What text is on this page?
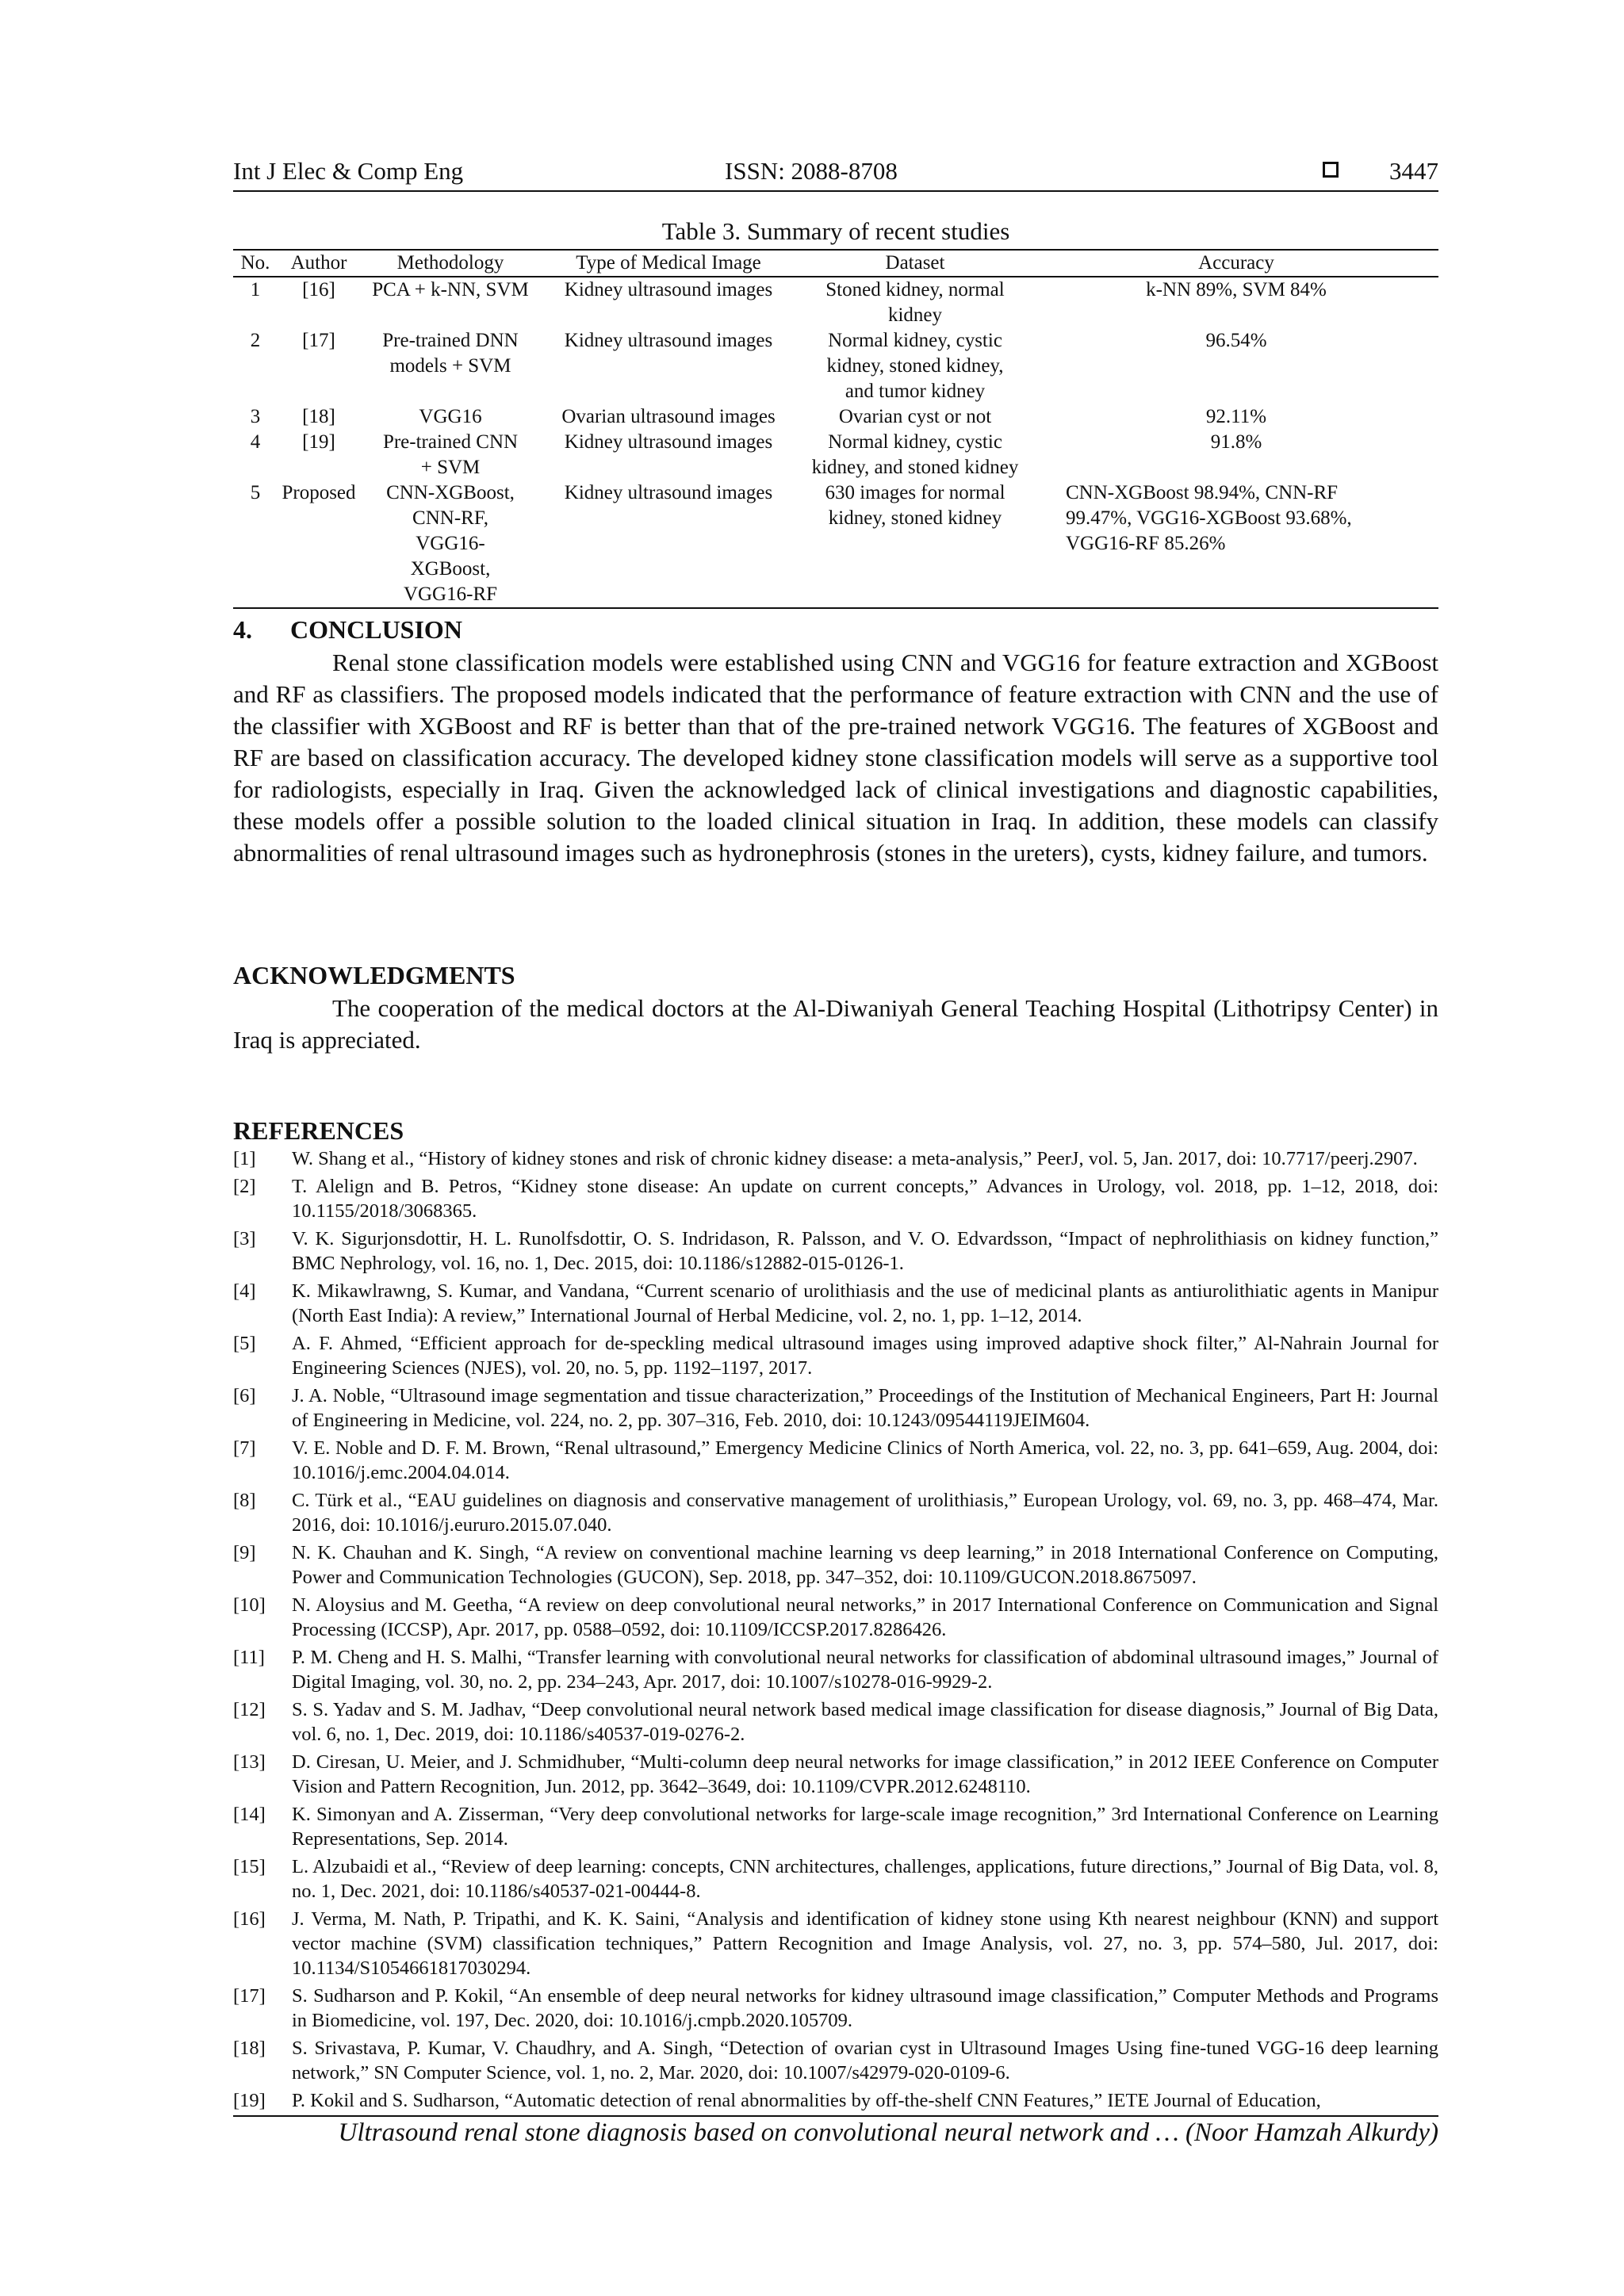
Int J Elec & Comp Eng	ISSN: 2088-8708	3447
Table 3. Summary of recent studies
No.	Author	Methodology	Type of Medical Image	Dataset	Accuracy
1	[16]	PCA + k-NN, SVM	Kidney ultrasound images	Stoned kidney, normal kidney	k-NN 89%, SVM 84%
2	[17]	Pre-trained DNN models + SVM	Kidney ultrasound images	Normal kidney, cystic kidney, stoned kidney, and tumor kidney	96.54%
3	[18]	VGG16	Ovarian ultrasound images	Ovarian cyst or not	92.11%
4	[19]	Pre-trained CNN + SVM	Kidney ultrasound images	Normal kidney, cystic kidney, and stoned kidney	91.8%
5	Proposed	CNN-XGBoost, CNN-RF, VGG16-XGBoost, VGG16-RF	Kidney ultrasound images	630 images for normal kidney, stoned kidney	CNN-XGBoost 98.94%, CNN-RF 99.47%, VGG16-XGBoost 93.68%, VGG16-RF 85.26%
4. CONCLUSION

Renal stone classification models were established using CNN and VGG16 for feature extraction and XGBoost and RF as classifiers. The proposed models indicated that the performance of feature extraction with CNN and the use of the classifier with XGBoost and RF is better than that of the pre-trained network VGG16. The features of XGBoost and RF are based on classification accuracy. The developed kidney stone classification models will serve as a supportive tool for radiologists, especially in Iraq. Given the acknowledged lack of clinical investigations and diagnostic capabilities, these models offer a possible solution to the loaded clinical situation in Iraq. In addition, these models can classify abnormalities of renal ultrasound images such as hydronephrosis (stones in the ureters), cysts, kidney failure, and tumors.

ACKNOWLEDGMENTS

The cooperation of the medical doctors at the Al-Diwaniyah General Teaching Hospital (Lithotripsy Center) in Iraq is appreciated.

REFERENCES
[1] W. Shang et al., “History of kidney stones and risk of chronic kidney disease: a meta-analysis,” PeerJ, vol. 5, Jan. 2017, doi: 10.7717/peerj.2907.
[2] T. Alelign and B. Petros, “Kidney stone disease: An update on current concepts,” Advances in Urology, vol. 2018, pp. 1–12, 2018, doi: 10.1155/2018/3068365.
[3] V. K. Sigurjonsdottir, H. L. Runolfsdottir, O. S. Indridason, R. Palsson, and V. O. Edvardsson, “Impact of nephrolithiasis on kidney function,” BMC Nephrology, vol. 16, no. 1, Dec. 2015, doi: 10.1186/s12882-015-0126-1.
[4] K. Mikawlrawng, S. Kumar, and Vandana, “Current scenario of urolithiasis and the use of medicinal plants as antiurolithiatic agents in Manipur (North East India): A review,” International Journal of Herbal Medicine, vol. 2, no. 1, pp. 1–12, 2014.
[5] A. F. Ahmed, “Efficient approach for de-speckling medical ultrasound images using improved adaptive shock filter,” Al-Nahrain Journal for Engineering Sciences (NJES), vol. 20, no. 5, pp. 1192–1197, 2017.
[6] J. A. Noble, “Ultrasound image segmentation and tissue characterization,” Proceedings of the Institution of Mechanical Engineers, Part H: Journal of Engineering in Medicine, vol. 224, no. 2, pp. 307–316, Feb. 2010, doi: 10.1243/09544119JEIM604.
[7] V. E. Noble and D. F. M. Brown, “Renal ultrasound,” Emergency Medicine Clinics of North America, vol. 22, no. 3, pp. 641–659, Aug. 2004, doi: 10.1016/j.emc.2004.04.014.
[8] C. Türk et al., “EAU guidelines on diagnosis and conservative management of urolithiasis,” European Urology, vol. 69, no. 3, pp. 468–474, Mar. 2016, doi: 10.1016/j.eururo.2015.07.040.
[9] N. K. Chauhan and K. Singh, “A review on conventional machine learning vs deep learning,” in 2018 International Conference on Computing, Power and Communication Technologies (GUCON), Sep. 2018, pp. 347–352, doi: 10.1109/GUCON.2018.8675097.
[10] N. Aloysius and M. Geetha, “A review on deep convolutional neural networks,” in 2017 International Conference on Communication and Signal Processing (ICCSP), Apr. 2017, pp. 0588–0592, doi: 10.1109/ICCSP.2017.8286426.
[11] P. M. Cheng and H. S. Malhi, “Transfer learning with convolutional neural networks for classification of abdominal ultrasound images,” Journal of Digital Imaging, vol. 30, no. 2, pp. 234–243, Apr. 2017, doi: 10.1007/s10278-016-9929-2.
[12] S. S. Yadav and S. M. Jadhav, “Deep convolutional neural network based medical image classification for disease diagnosis,” Journal of Big Data, vol. 6, no. 1, Dec. 2019, doi: 10.1186/s40537-019-0276-2.
[13] D. Ciresan, U. Meier, and J. Schmidhuber, “Multi-column deep neural networks for image classification,” in 2012 IEEE Conference on Computer Vision and Pattern Recognition, Jun. 2012, pp. 3642–3649, doi: 10.1109/CVPR.2012.6248110.
[14] K. Simonyan and A. Zisserman, “Very deep convolutional networks for large-scale image recognition,” 3rd International Conference on Learning Representations, Sep. 2014.
[15] L. Alzubaidi et al., “Review of deep learning: concepts, CNN architectures, challenges, applications, future directions,” Journal of Big Data, vol. 8, no. 1, Dec. 2021, doi: 10.1186/s40537-021-00444-8.
[16] J. Verma, M. Nath, P. Tripathi, and K. K. Saini, “Analysis and identification of kidney stone using Kth nearest neighbour (KNN) and support vector machine (SVM) classification techniques,” Pattern Recognition and Image Analysis, vol. 27, no. 3, pp. 574–580, Jul. 2017, doi: 10.1134/S1054661817030294.
[17] S. Sudharson and P. Kokil, “An ensemble of deep neural networks for kidney ultrasound image classification,” Computer Methods and Programs in Biomedicine, vol. 197, Dec. 2020, doi: 10.1016/j.cmpb.2020.105709.
[18] S. Srivastava, P. Kumar, V. Chaudhry, and A. Singh, “Detection of ovarian cyst in Ultrasound Images Using fine-tuned VGG-16 deep learning network,” SN Computer Science, vol. 1, no. 2, Mar. 2020, doi: 10.1007/s42979-020-0109-6.
[19] P. Kokil and S. Sudharson, “Automatic detection of renal abnormalities by off-the-shelf CNN Features,” IETE Journal of Education,
Ultrasound renal stone diagnosis based on convolutional neural network and … (Noor Hamzah Alkurdy)
